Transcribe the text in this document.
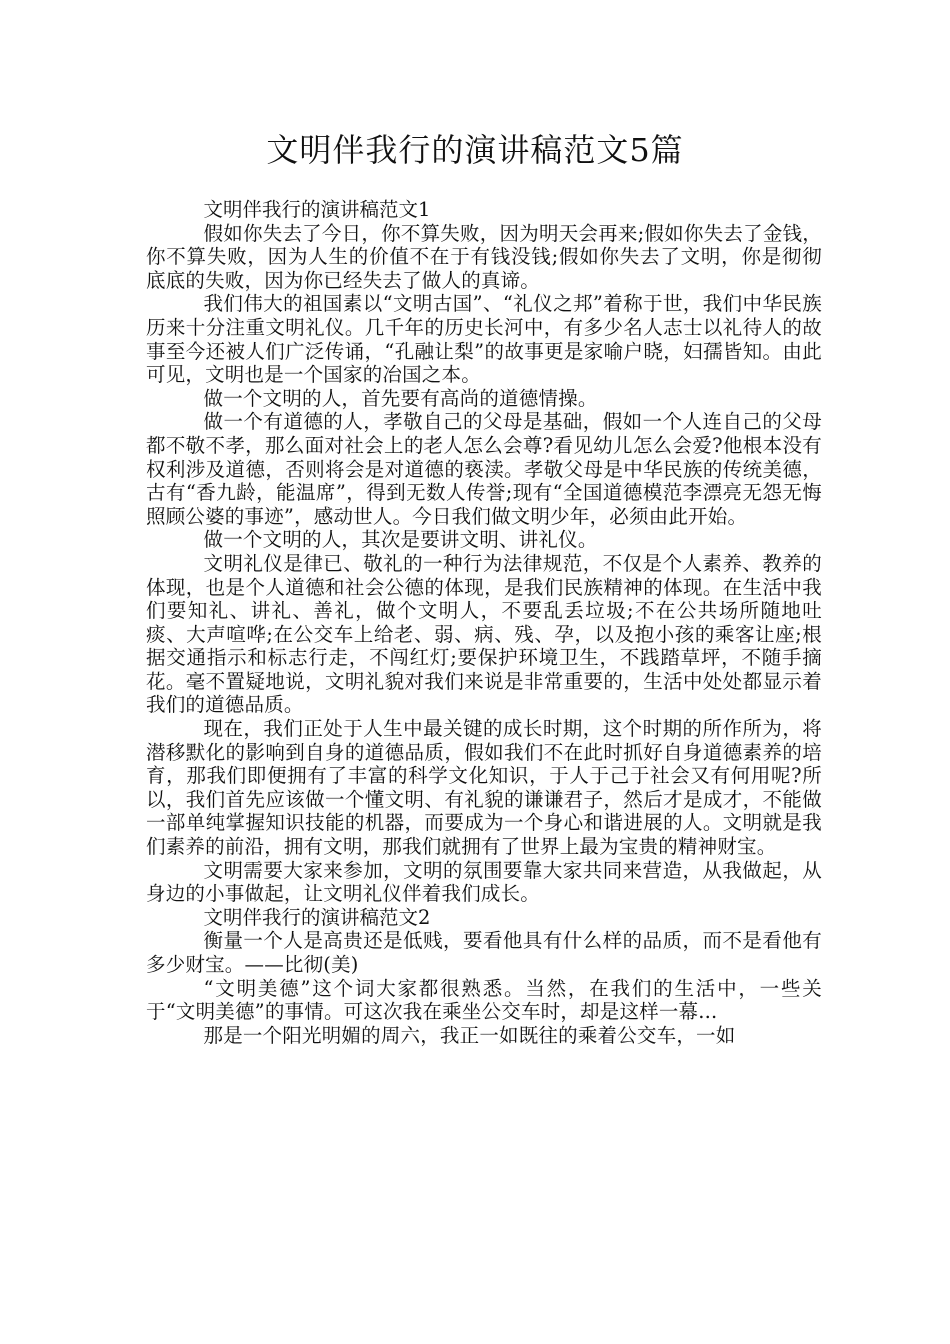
文明伴我行的演讲稿范文5篇

文明伴我行的演讲稿范文1

假如你失去了今日，你不算失败，因为明天会再来;假如你失去了金钱，你不算失败，因为人生的价值不在于有钱没钱;假如你失去了文明，你是彻彻底底的失败，因为你已经失去了做人的真谛。

我们伟大的祖国素以“文明古国”、“礼仪之邦”着称于世，我们中华民族历来十分注重文明礼仪。几千年的历史长河中，有多少名人志士以礼待人的故事至今还被人们广泛传诵，“孔融让梨”的故事更是家喻户晓，妇孺皆知。由此可见，文明也是一个国家的冶国之本。

做一个文明的人，首先要有高尚的道德情操。

做一个有道德的人，孝敬自己的父母是基础，假如一个人连自己的父母都不敬不孝，那么面对社会上的老人怎么会尊?看见幼儿怎么会爱?他根本没有权利涉及道德，否则将会是对道德的亵渎。孝敬父母是中华民族的传统美德，古有“香九龄，能温席”，得到无数人传誉;现有“全国道德模范李漂亮无怨无悔照顾公婆的事迹”，感动世人。今日我们做文明少年，必须由此开始。

做一个文明的人，其次是要讲文明、讲礼仪。

文明礼仪是律已、敬礼的一种行为法律规范，不仅是个人素养、教养的体现，也是个人道德和社会公德的体现，是我们民族精神的体现。在生活中我们要知礼、讲礼、善礼，做个文明人，不要乱丢垃圾;不在公共场所随地吐痰、大声喧哗;在公交车上给老、弱、病、残、孕，以及抱小孩的乘客让座;根据交通指示和标志行走，不闯红灯;要保护环境卫生，不践踏草坪，不随手摘花。毫不置疑地说，文明礼貌对我们来说是非常重要的，生活中处处都显示着我们的道德品质。

现在，我们正处于人生中最关键的成长时期，这个时期的所作所为，将潜移默化的影响到自身的道德品质，假如我们不在此时抓好自身道德素养的培育，那我们即便拥有了丰富的科学文化知识，于人于己于社会又有何用呢?所以，我们首先应该做一个懂文明、有礼貌的谦谦君子，然后才是成才，不能做一部单纯掌握知识技能的机器，而要成为一个身心和谐进展的人。文明就是我们素养的前沿，拥有文明，那我们就拥有了世界上最为宝贵的精神财宝。

文明需要大家来参加，文明的氛围要靠大家共同来营造，从我做起，从身边的小事做起，让文明礼仪伴着我们成长。

文明伴我行的演讲稿范文2

衡量一个人是高贵还是低贱，要看他具有什么样的品质，而不是看他有多少财宝。——比彻(美)

“文明美德”这个词大家都很熟悉。当然，在我们的生活中，一些关于“文明美德”的事情。可这次我在乘坐公交车时，却是这样一幕...

那是一个阳光明媚的周六，我正一如既往的乘着公交车，一如
